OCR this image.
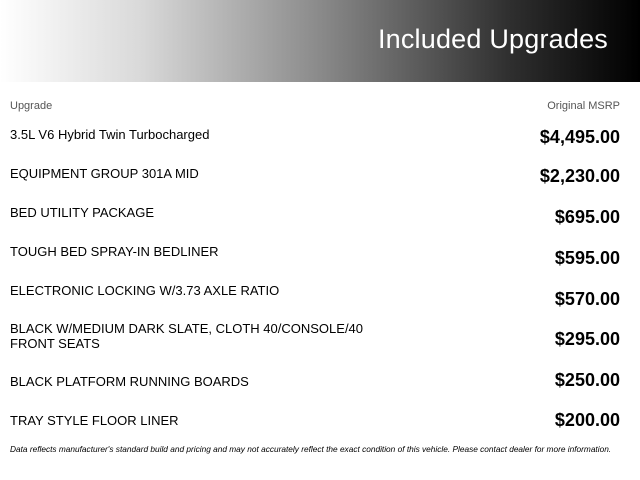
Included Upgrades
Upgrade	Original MSRP
3.5L V6 Hybrid Twin Turbocharged	$4,495.00
EQUIPMENT GROUP 301A MID	$2,230.00
BED UTILITY PACKAGE	$695.00
TOUGH BED SPRAY-IN BEDLINER	$595.00
ELECTRONIC LOCKING W/3.73 AXLE RATIO	$570.00
BLACK W/MEDIUM DARK SLATE, CLOTH 40/CONSOLE/40 FRONT SEATS	$295.00
BLACK PLATFORM RUNNING BOARDS	$250.00
TRAY STYLE FLOOR LINER	$200.00
Data reflects manufacturer's standard build and pricing and may not accurately reflect the exact condition of this vehicle. Please contact dealer for more information.
